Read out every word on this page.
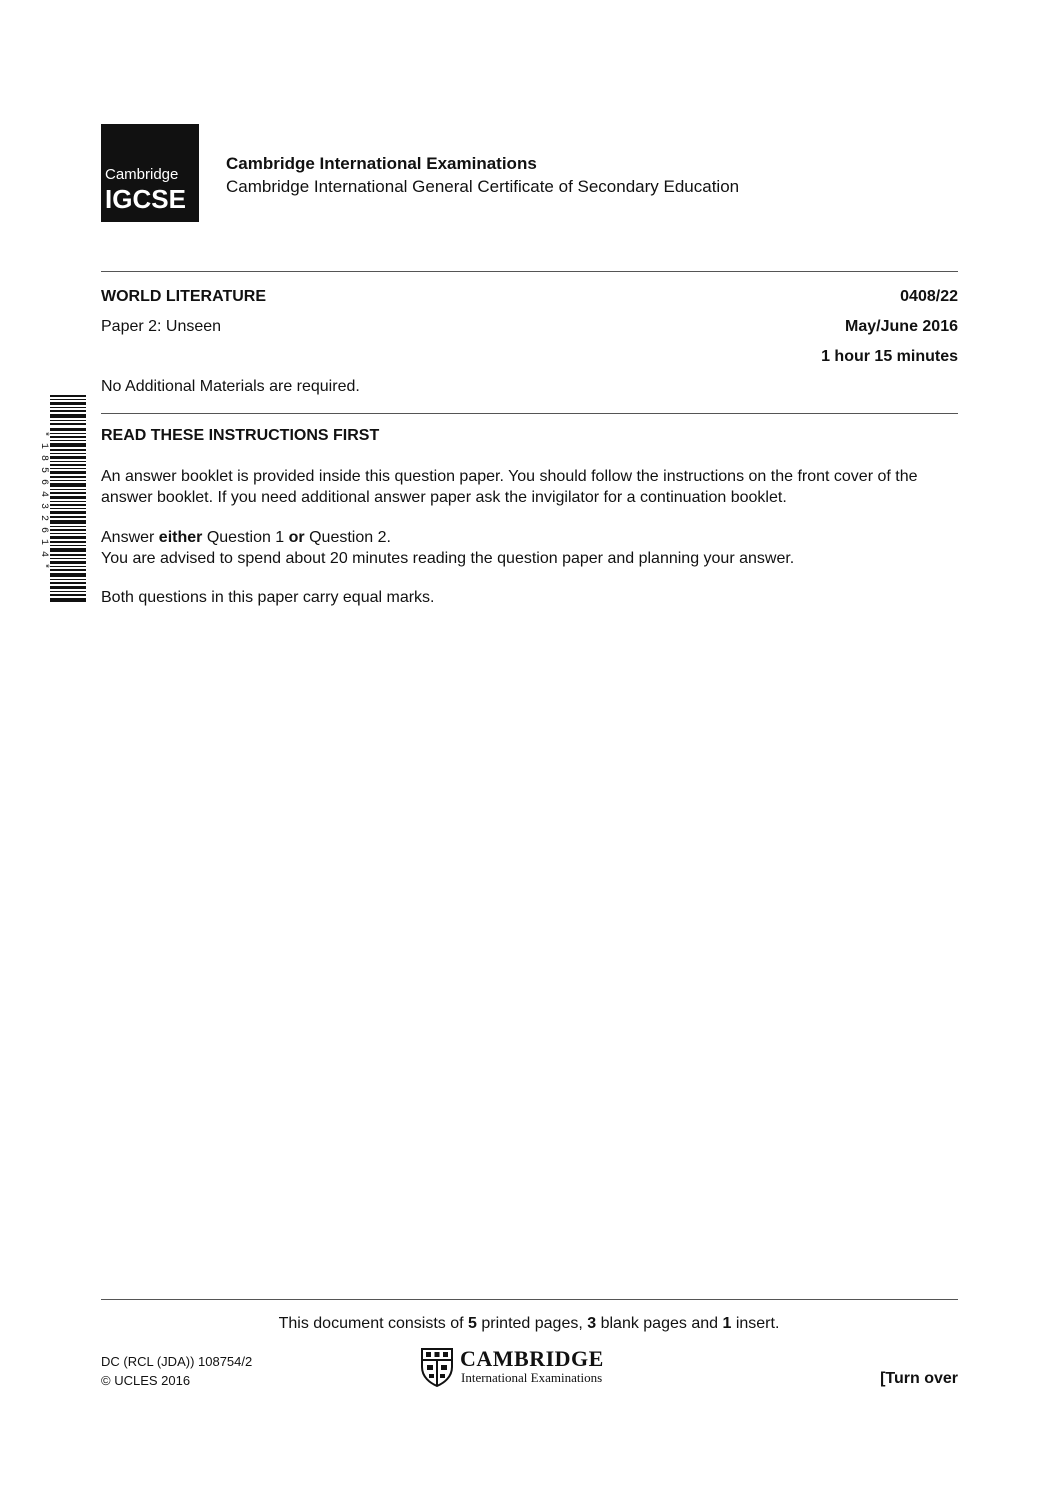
Cambridge
IGCSE
Cambridge International Examinations
Cambridge International General Certificate of Secondary Education
WORLD LITERATURE	0408/22
Paper 2: Unseen	May/June 2016
1 hour 15 minutes
No Additional Materials are required.
* 1 8 5 6 4 3 2 6 1 4 *	READ THESE INSTRUCTIONS FIRST
An answer booklet is provided inside this question paper. You should follow the instructions on the front cover of the answer booklet. If you need additional answer paper ask the invigilator for a continuation booklet.
Answer either Question 1 or Question 2.
You are advised to spend about 20 minutes reading the question paper and planning your answer.
Both questions in this paper carry equal marks.
This document consists of 5 printed pages, 3 blank pages and 1 insert.
DC (RCL (JDA)) 108754/2
© UCLES 2016
CAMBRIDGE
International Examinations	[Turn over
